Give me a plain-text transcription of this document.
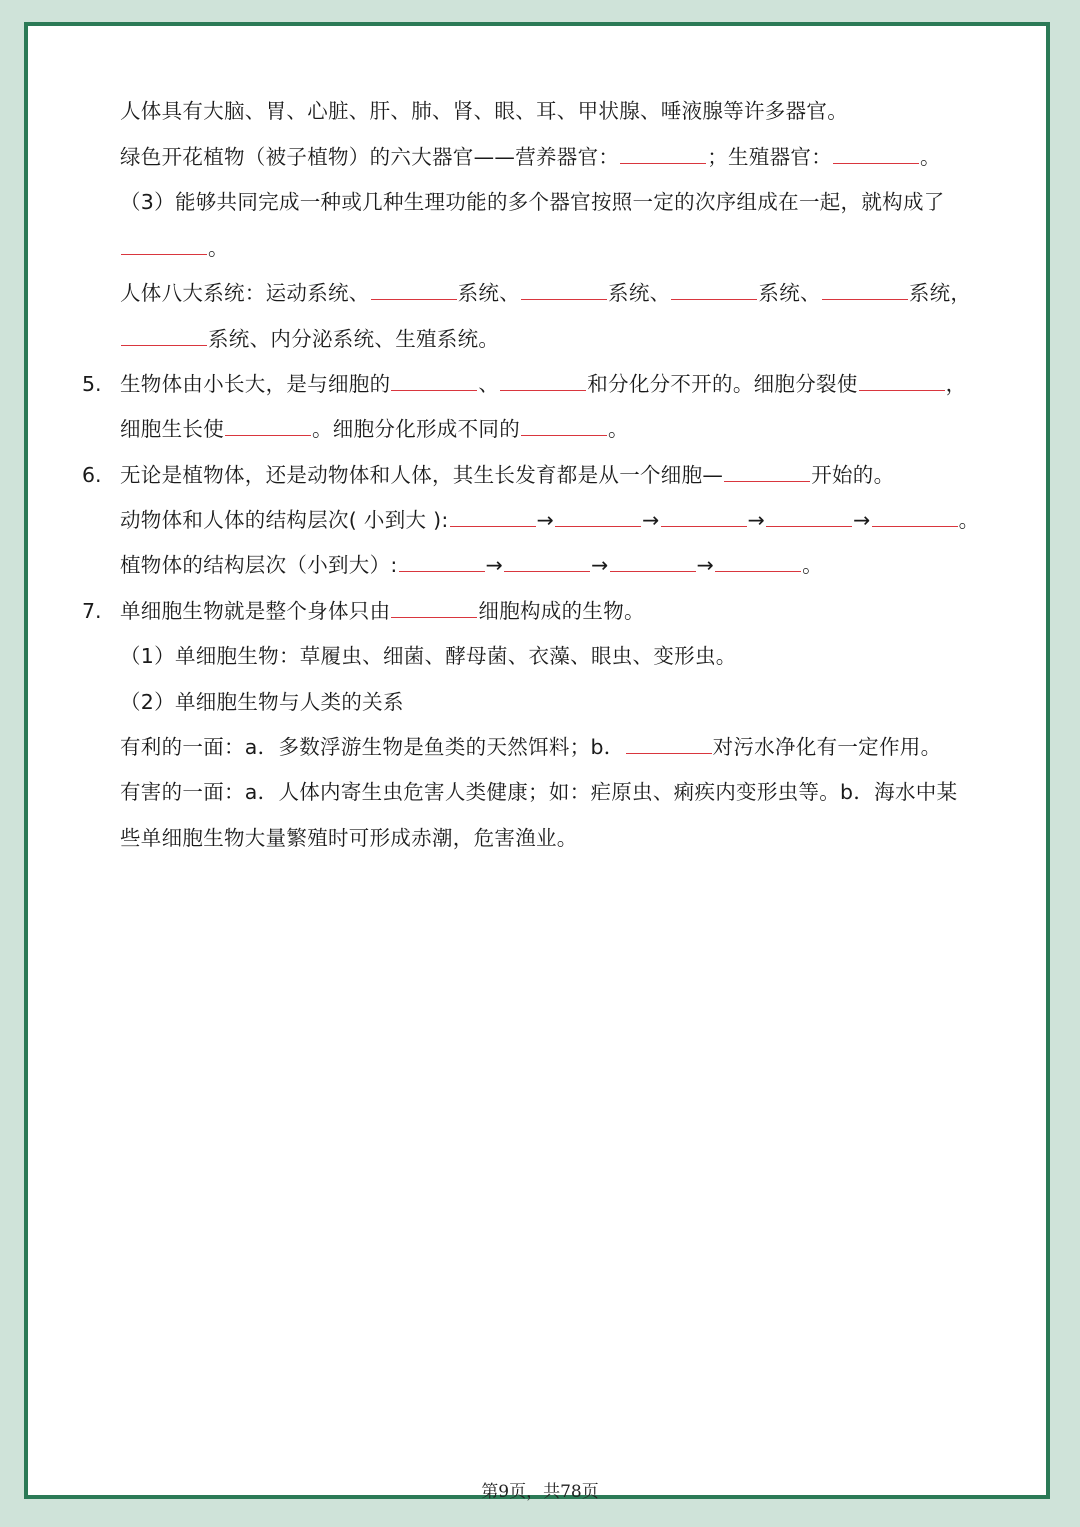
人体具有大脑、胃、心脏、肝、肺、肾、眼、耳、甲状腺、唾液腺等许多器官。
绿色开花植物（被子植物）的六大器官——营养器官：	；生殖器官：	。
（3）能够共同完成一种或几种生理功能的多个器官按照一定的次序组成在一起，就构成了
。
人体八大系统：运动系统、	系统、	系统、	系统、	系统，
系统、内分泌系统、生殖系统。
5. 生物体由小长大，是与细胞的	、	和分化分不开的。细胞分裂使	，
细胞生长使	。细胞分化形成不同的	。
6. 无论是植物体，还是动物体和人体，其生长发育都是从一个细胞—	开始的。
动物体和人体的结构层次( 小到大 ):	→	→	→	→	。
植物体的结构层次（小到大）:	→	→	→	。
7. 单细胞生物就是整个身体只由	细胞构成的生物。
（1）单细胞生物：草履虫、细菌、酵母菌、衣藻、眼虫、变形虫。
（2）单细胞生物与人类的关系
有利的一面：a．多数浮游生物是鱼类的天然饵料；b．	对污水净化有一定作用。
有害的一面：a．人体内寄生虫危害人类健康；如：疟原虫、痢疾内变形虫等。b．海水中某
些单细胞生物大量繁殖时可形成赤潮，危害渔业。
第9页，共78页
